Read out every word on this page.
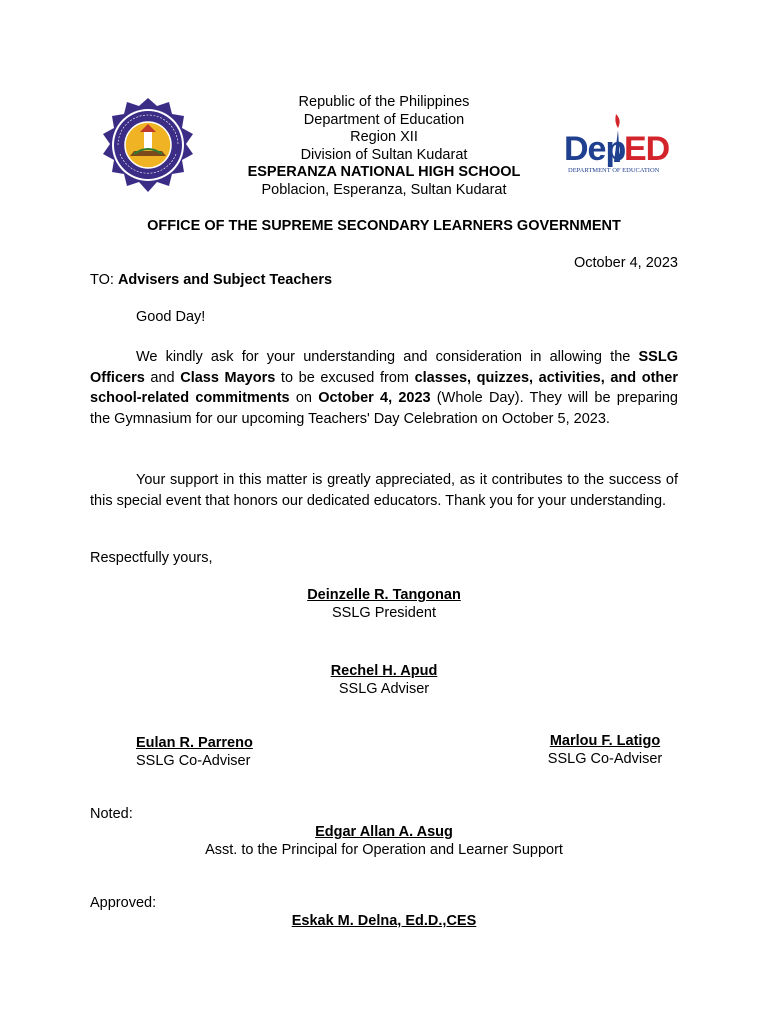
Republic of the Philippines
Department of Education
Region XII
Division of Sultan Kudarat
ESPERANZA NATIONAL HIGH SCHOOL
Poblacion, Esperanza, Sultan Kudarat
Dep
ED
DEPARTMENT OF EDUCATION
OFFICE OF THE SUPREME SECONDARY LEARNERS GOVERNMENT
October 4, 2023
TO: Advisers and Subject Teachers
Good Day!
We kindly ask for your understanding and consideration in allowing the SSLG Officers and Class Mayors to be excused from classes, quizzes, activities, and other school-related commitments on October 4, 2023 (Whole Day). They will be preparing the Gymnasium for our upcoming Teachers' Day Celebration on October 5, 2023.
Your support in this matter is greatly appreciated, as it contributes to the success of this special event that honors our dedicated educators. Thank you for your understanding.
Respectfully yours,
Deinzelle R. Tangonan
SSLG President
Rechel H. Apud
SSLG Adviser
Eulan R. Parreno
SSLG Co-Adviser
Marlou F. Latigo
SSLG Co-Adviser
Noted:
Edgar Allan A. Asug
Asst. to the Principal for Operation and Learner Support
Approved:
Eskak M. Delna, Ed.D.,CES
